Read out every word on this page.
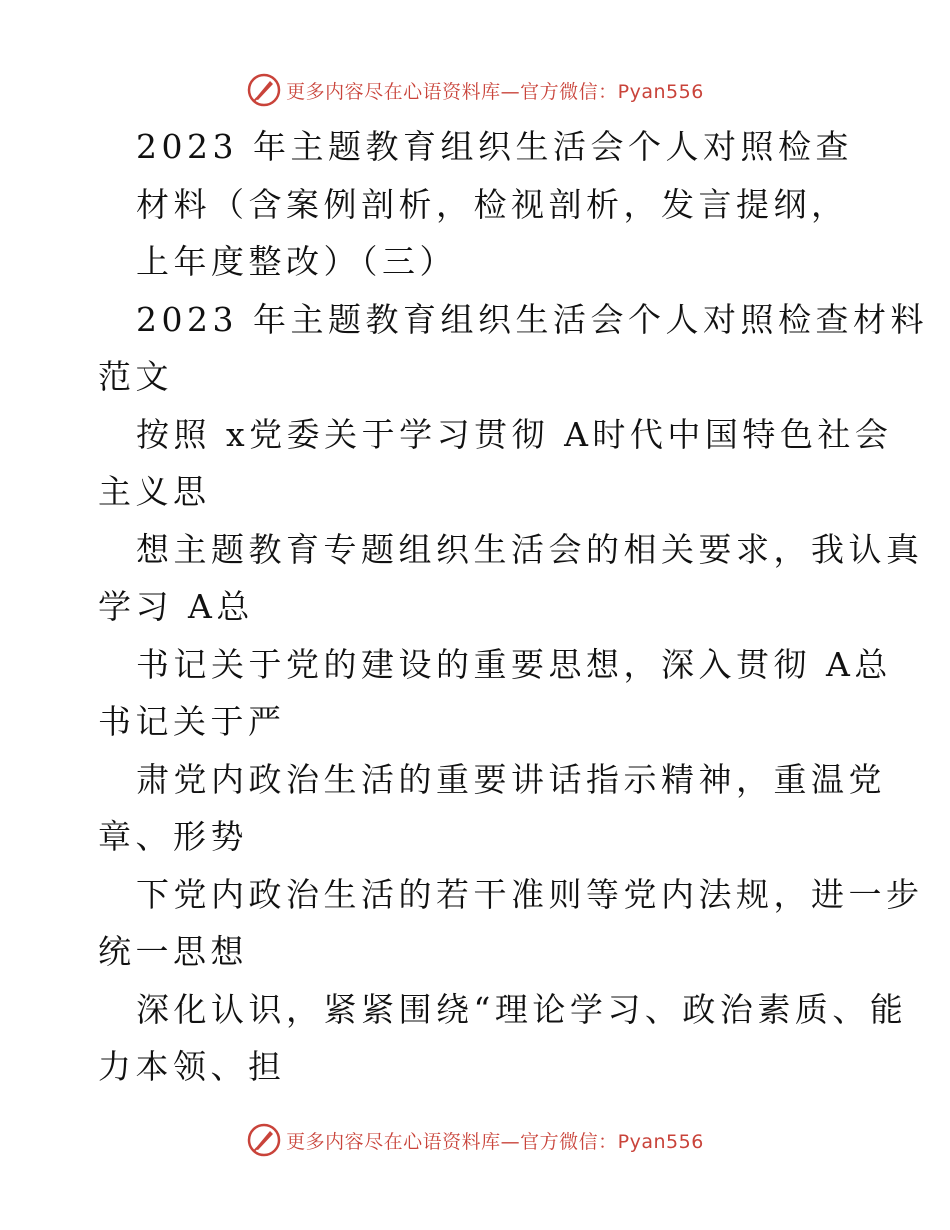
更多内容尽在心语资料库—官方微信：Pyan556
2023 年主题教育组织生活会个人对照检查
材料（含案例剖析，检视剖析，发言提纲，
上年度整改）（三）
2023 年主题教育组织生活会个人对照检查材料
范文
按照 x党委关于学习贯彻 A时代中国特色社会
主义思
想主题教育专题组织生活会的相关要求，我认真
学习 A总
书记关于党的建设的重要思想，深入贯彻 A总
书记关于严
肃党内政治生活的重要讲话指示精神，重温党
章、形势
下党内政治生活的若干准则等党内法规，进一步
统一思想
深化认识，紧紧围绕“理论学习、政治素质、能
力本领、担
更多内容尽在心语资料库—官方微信：Pyan556
